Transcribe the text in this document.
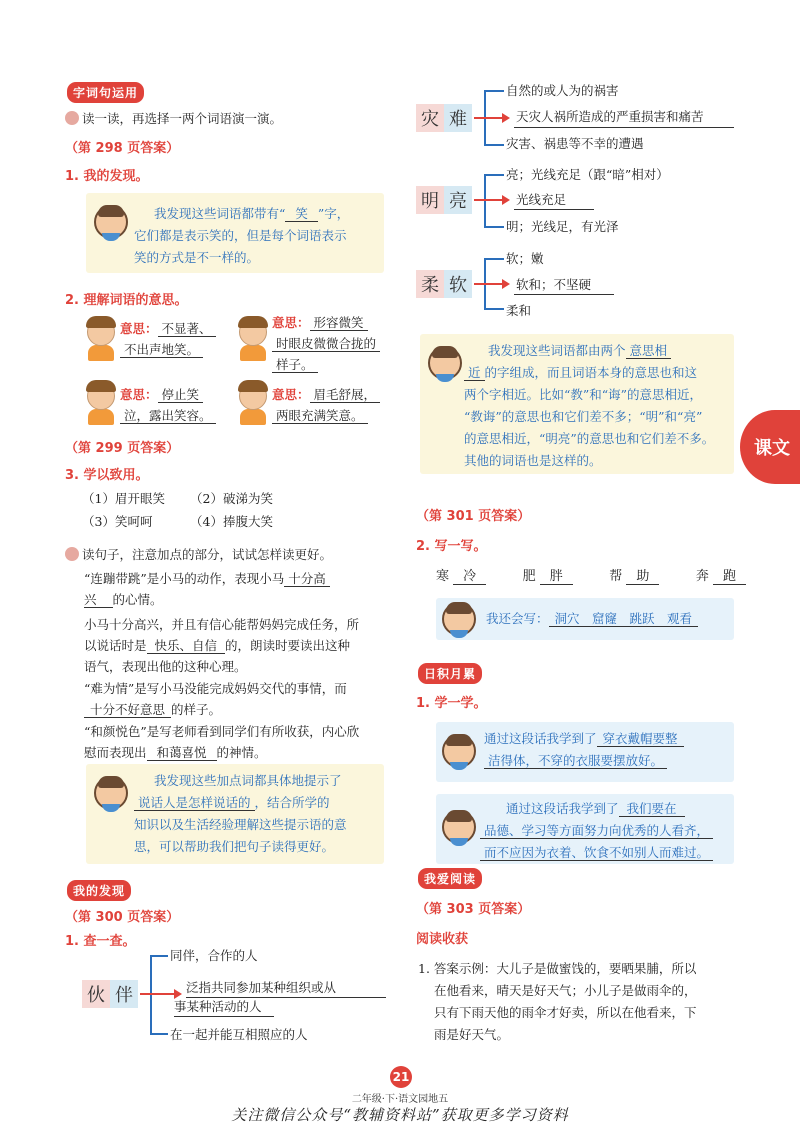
字词句运用
读一读，再选择一两个词语演一演。
（第 298 页答案）
1. 我的发现。
我发现这些词语都带有“ 笑 ”字，
它们都是表示笑的，但是每个词语表示
笑的方式是不一样的。
2. 理解词语的意思。
意思： 不显著、
不出声地笑。
意思： 形容微笑
时眼皮微微合拢的
样子。
意思： 停止笑
泣，露出笑容。
意思： 眉毛舒展，
两眼充满笑意。
（第 299 页答案）
3. 学以致用。
（1）眉开眼笑 （2）破涕为笑
（3）笑呵呵	（4）捧腹大笑
读句子，注意加点的部分，试试怎样读更好。
“连蹦带跳”是小马的动作，表现小马 十分高
兴 的心情。
小马十分高兴，并且有信心能帮妈妈完成任务，所
以说话时是 快乐、自信 的，朗读时要读出这种
语气，表现出他的这种心理。
“难为情”是写小马没能完成妈妈交代的事情，而
十分不好意思 的样子。
“和颜悦色”是写老师看到同学们有所收获，内心欣
慰而表现出 和蔼喜悦 的神情。
我发现这些加点词都具体地提示了
说话人是怎样说话的 ，结合所学的
知识以及生活经验理解这些提示语的意
思，可以帮助我们把句子读得更好。
我的发现
（第 300 页答案）
1. 查一查。
伙 伴
同伴，合作的人
泛指共同参加某种组织或从
事某种活动的人
在一起并能互相照应的人
灾 难
自然的或人为的祸害
天灾人祸所造成的严重损害和痛苦
灾害、祸患等不幸的遭遇
明 亮
亮；光线充足（跟“暗”相对）
光线充足
明；光线足，有光泽
柔 软
软；嫩
软和；不坚硬
柔和
我发现这些词语都由两个 意思相
近 的字组成，而且词语本身的意思也和这
两个字相近。比如“教”和“诲”的意思相近，
“教诲”的意思也和它们差不多；“明”和“亮”
的意思相近，“明亮”的意思也和它们差不多。
其他的词语也是这样的。
（第 301 页答案）
2. 写一写。
寒 冷	肥 胖	帮 助	奔 跑
我还会写： 洞穴　窟窿　跳跃　观看
日积月累
1. 学一学。
通过这段话我学到了 穿衣戴帽要整
洁得体，不穿的衣服要摆放好。
通过这段话我学到了 我们要在
品德、学习等方面努力向优秀的人看齐，
而不应因为衣着、饮食不如别人而难过。
我爱阅读
（第 303 页答案）
阅读收获
1. 答案示例：大儿子是做蜜饯的，要晒果脯，所以
在他看来，晴天是好天气；小儿子是做雨伞的，
只有下雨天他的雨伞才好卖，所以在他看来，下
雨是好天气。
课文
21
二年级·下·语文园地五
关注微信公众号“教辅资料站”获取更多学习资料
